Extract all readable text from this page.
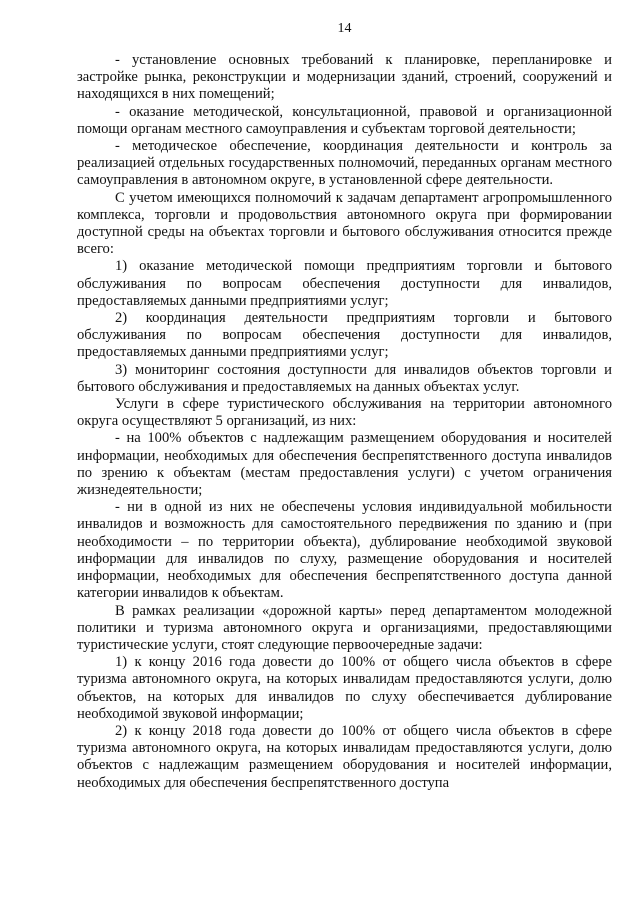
14

- установление основных требований к планировке, перепланировке и застройке рынка, реконструкции и модернизации зданий, строений, сооружений и находящихся в них помещений;

- оказание методической, консультационной, правовой и организационной помощи органам местного самоуправления и субъектам торговой деятельности;

- методическое обеспечение, координация деятельности и контроль за реализацией отдельных государственных полномочий, переданных органам местного самоуправления в автономном округе, в установленной сфере деятельности.

С учетом имеющихся полномочий к задачам департамент агропромышленного комплекса, торговли и продовольствия автономного округа при формировании доступной среды на объектах торговли и бытового обслуживания относится прежде всего:

1) оказание методической помощи предприятиям торговли и бытового обслуживания по вопросам обеспечения доступности для инвалидов, предоставляемых данными предприятиями услуг;

2) координация деятельности предприятиям торговли и бытового обслуживания по вопросам обеспечения доступности для инвалидов, предоставляемых данными предприятиями услуг;

3) мониторинг состояния доступности для инвалидов объектов торговли и бытового обслуживания и предоставляемых на данных объектах услуг.

Услуги в сфере туристического обслуживания на территории автономного округа осуществляют 5 организаций, из них:

- на 100% объектов с надлежащим размещением оборудования и носителей информации, необходимых для обеспечения беспрепятственного доступа инвалидов по зрению к объектам (местам предоставления услуги) с учетом ограничения жизнедеятельности;

- ни в одной из них не обеспечены условия индивидуальной мобильности инвалидов и возможность для самостоятельного передвижения по зданию и (при необходимости – по территории объекта), дублирование необходимой звуковой информации для инвалидов по слуху, размещение оборудования и носителей информации, необходимых для обеспечения беспрепятственного доступа данной категории инвалидов к объектам.

В рамках реализации «дорожной карты» перед департаментом молодежной политики и туризма автономного округа и организациями, предоставляющими туристические услуги, стоят следующие первоочередные задачи:

1) к концу 2016 года довести до 100% от общего числа объектов в сфере туризма автономного округа, на которых инвалидам предоставляются услуги, долю объектов, на которых для инвалидов по слуху обеспечивается дублирование необходимой звуковой информации;

2) к концу 2018 года довести до 100% от общего числа объектов в сфере туризма автономного округа, на которых инвалидам предоставляются услуги, долю объектов с надлежащим размещением оборудования и носителей информации, необходимых для обеспечения беспрепятственного доступа
